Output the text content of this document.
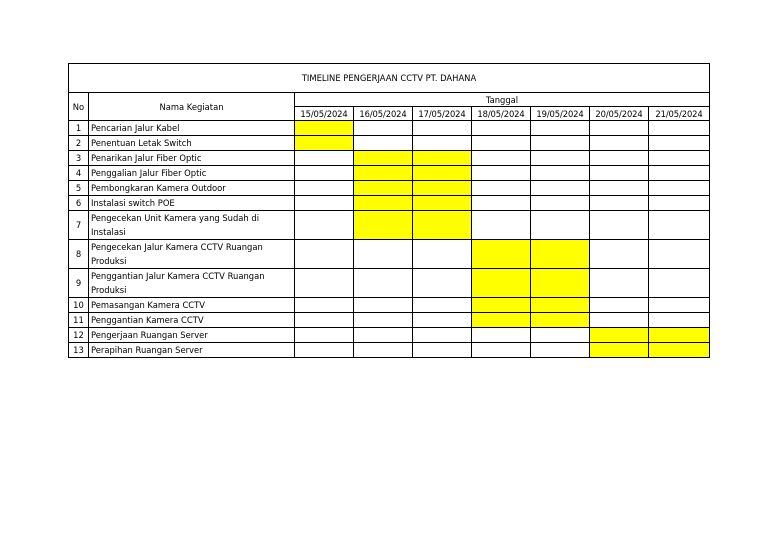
TIMELINE PENGERJAAN CCTV PT. DAHANA								
No	Nama Kegiatan	Tanggal						
		15/05/2024	16/05/2024	17/05/2024	18/05/2024	19/05/2024	20/05/2024	21/05/2024
1	Pencarian Jalur Kabel							
2	Penentuan Letak Switch							
3	Penarikan Jalur Fiber Optic							
4	Penggalian Jalur Fiber Optic							
5	Pembongkaran Kamera Outdoor							
6	Instalasi switch POE							
7	Pengecekan Unit Kamera yang Sudah di Instalasi							
8	Pengecekan Jalur Kamera CCTV Ruangan Produksi							
9	Penggantian Jalur Kamera CCTV Ruangan Produksi							
10	Pemasangan Kamera CCTV							
11	Penggantian Kamera CCTV							
12	Pengerjaan Ruangan Server							
13	Perapihan Ruangan Server							
